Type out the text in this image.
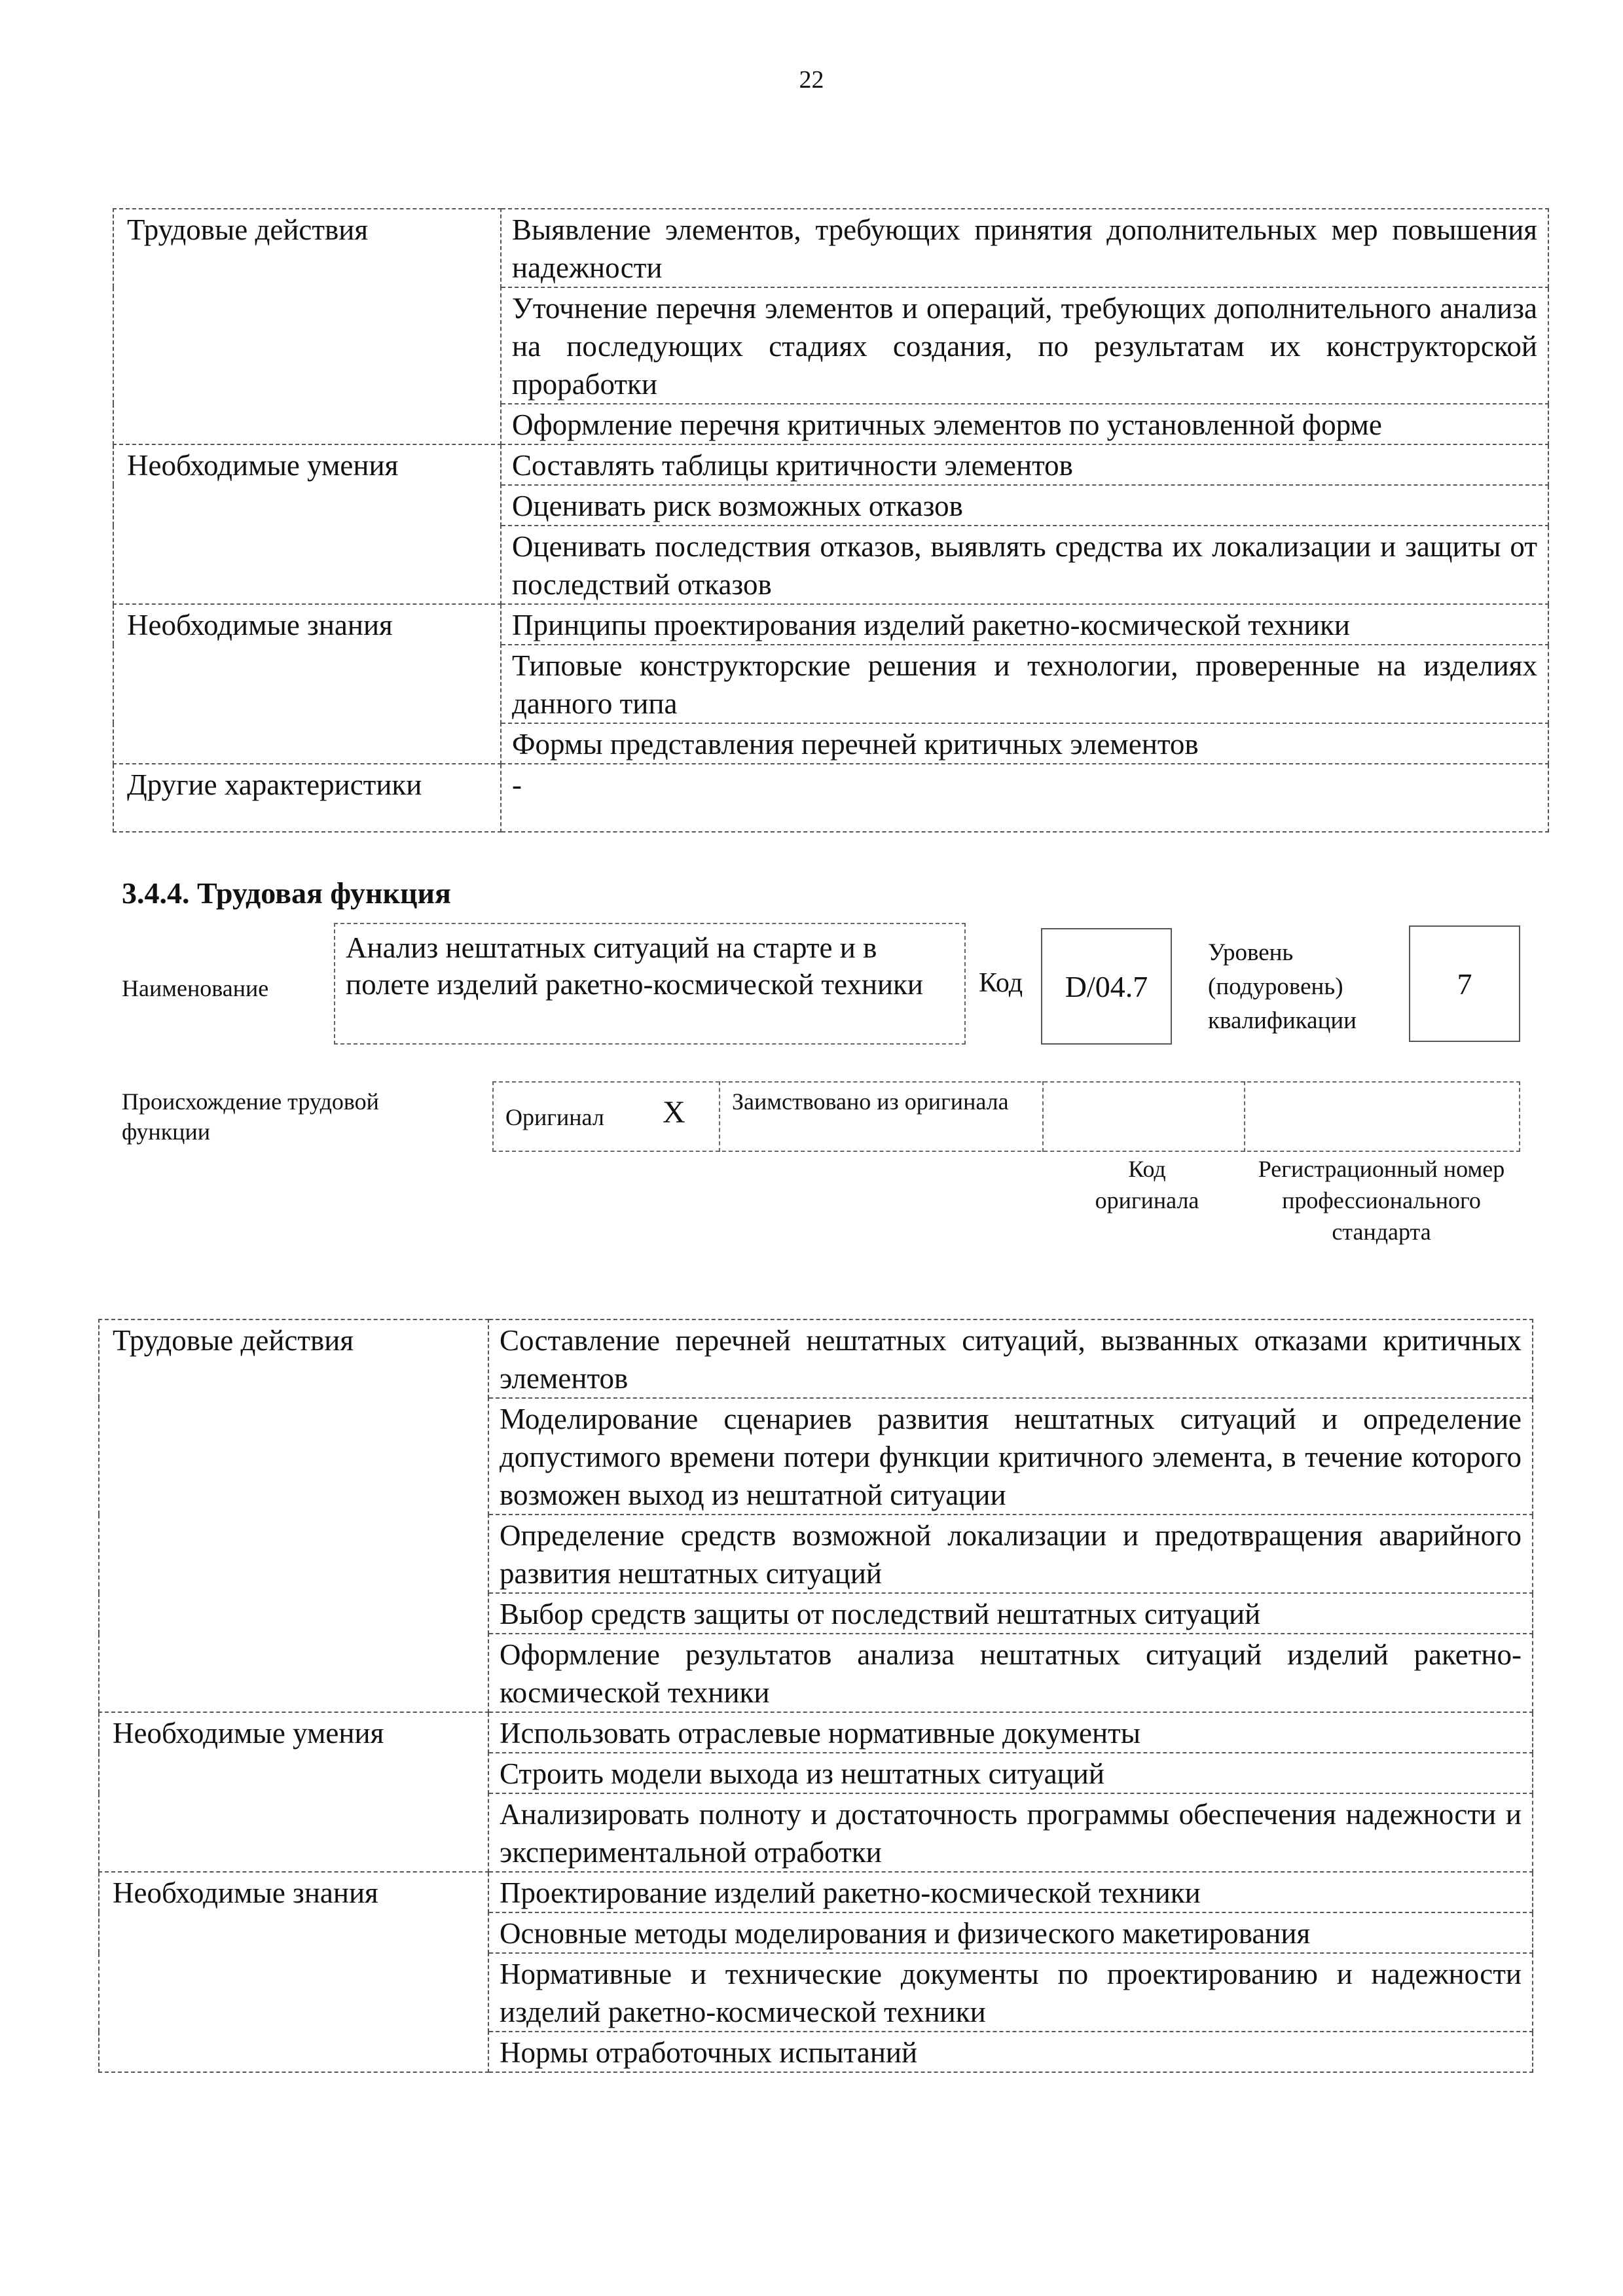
22
Трудовые действия	Выявление элементов, требующих принятия дополнительных мер повышения надежности
	Уточнение перечня элементов и операций, требующих дополнительного анализа на последующих стадиях создания, по результатам их конструкторской проработки
	Оформление перечня критичных элементов по установленной форме
Необходимые умения	Составлять таблицы критичности элементов
	Оценивать риск возможных отказов
	Оценивать последствия отказов, выявлять средства их локализации и защиты от последствий отказов
Необходимые знания	Принципы проектирования изделий ракетно-космической техники
	Типовые конструкторские решения и технологии, проверенные на изделиях данного типа
	Формы представления перечней критичных элементов
Другие характеристики	-
3.4.4. Трудовая функция
Наименование
Анализ нештатных ситуаций на старте и в полете изделий ракетно-космической техники	Код	D/04.7
Уровень (подуровень) квалификации
7
Происхождение трудовой функции
Оригинал X Заимствовано из оригинала
Код оригинала
Регистрационный номер профессионального стандарта
Трудовые действия	Составление перечней нештатных ситуаций, вызванных отказами критичных элементов
	Моделирование сценариев развития нештатных ситуаций и определение допустимого времени потери функции критичного элемента, в течение которого возможен выход из нештатной ситуации
	Определение средств возможной локализации и предотвращения аварийного развития нештатных ситуаций
	Выбор средств защиты от последствий нештатных ситуаций
	Оформление результатов анализа нештатных ситуаций изделий ракетно-космической техники
Необходимые умения	Использовать отраслевые нормативные документы
	Строить модели выхода из нештатных ситуаций
	Анализировать полноту и достаточность программы обеспечения надежности и экспериментальной отработки
Необходимые знания	Проектирование изделий ракетно-космической техники
	Основные методы моделирования и физического макетирования
	Нормативные и технические документы по проектированию и надежности изделий ракетно-космической техники
	Нормы отработочных испытаний
